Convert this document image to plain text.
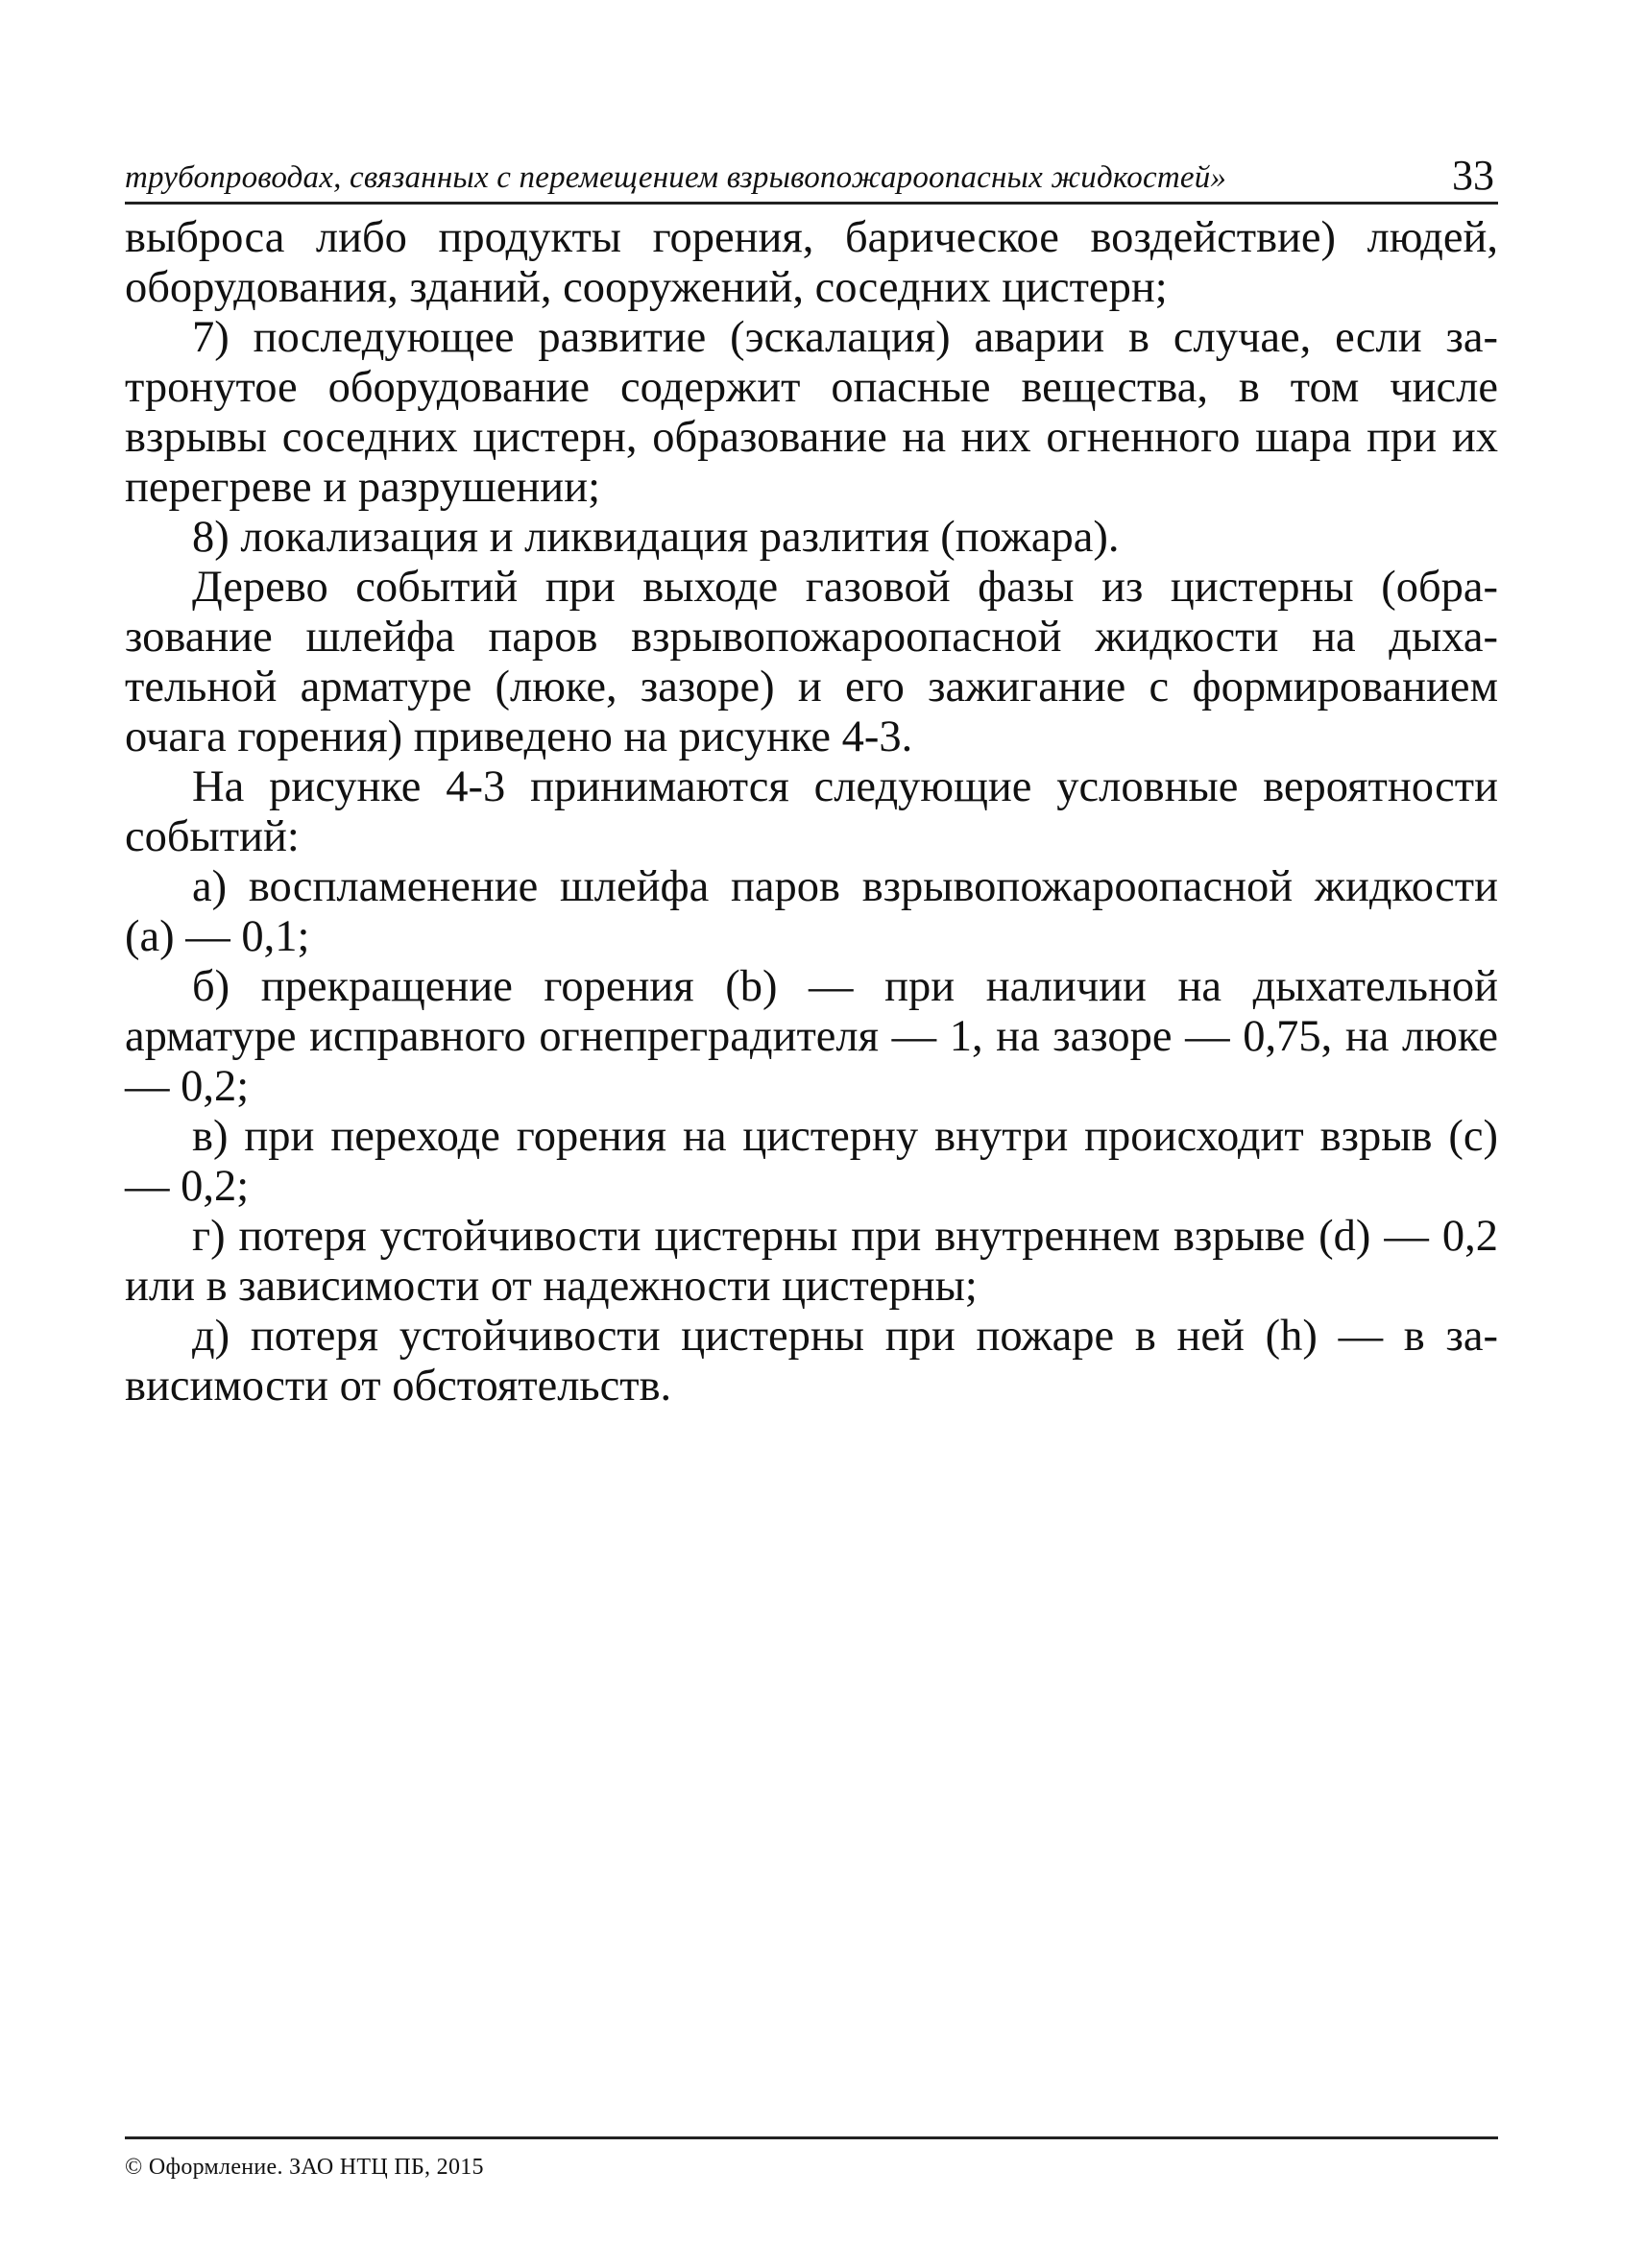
трубопроводах, связанных с перемещением взрывопожароопасных жидкостей»	33

выброса либо продукты горения, барическое воздействие) людей, оборудования, зданий, сооружений, соседних цистерн;

7) последующее развитие (эскалация) аварии в случае, если затронутое оборудование содержит опасные вещества, в том числе взрывы соседних цистерн, образование на них огненного шара при их перегреве и разрушении;

8) локализация и ликвидация разлития (пожара).

Дерево событий при выходе газовой фазы из цистерны (образование шлейфа паров взрывопожароопасной жидкости на дыхательной арматуре (люке, зазоре) и его зажигание с формированием очага горения) приведено на рисунке 4-3.

На рисунке 4-3 принимаются следующие условные вероятности событий:

а) воспламенение шлейфа паров взрывопожароопасной жидкости (a) — 0,1;

б) прекращение горения (b) — при наличии на дыхательной арматуре исправного огнепреградителя — 1, на зазоре — 0,75, на люке — 0,2;

в) при переходе горения на цистерну внутри происходит взрыв (c) — 0,2;

г) потеря устойчивости цистерны при внутреннем взрыве (d) — 0,2 или в зависимости от надежности цистерны;

д) потеря устойчивости цистерны при пожаре в ней (h) — в зависимости от обстоятельств.

© Оформление. ЗАО НТЦ ПБ, 2015
